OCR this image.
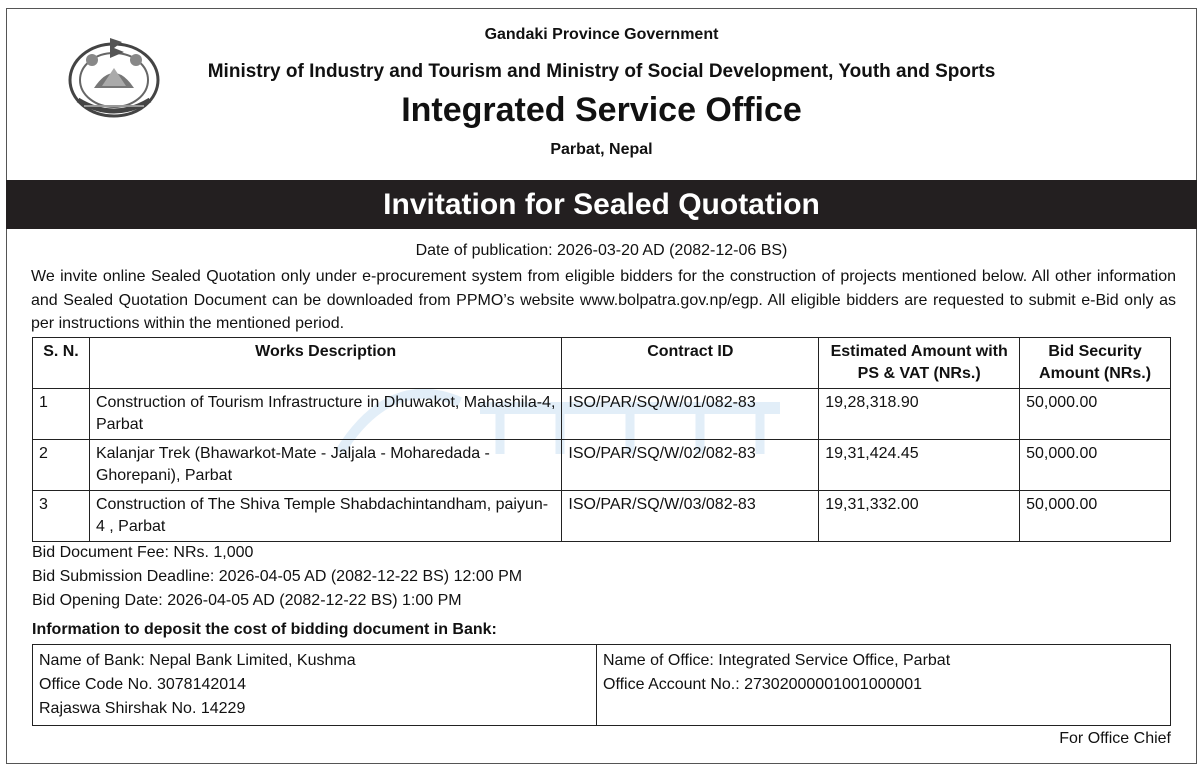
Gandaki Province Government
Ministry of Industry and Tourism and Ministry of Social Development, Youth and Sports
Integrated Service Office
Parbat, Nepal
Invitation for Sealed Quotation
Date of publication: 2026-03-20 AD (2082-12-06 BS)
We invite online Sealed Quotation only under e-procurement system from eligible bidders for the construction of projects mentioned below. All other information and Sealed Quotation Document can be downloaded from PPMO’s website www.bolpatra.gov.np/egp. All eligible bidders are requested to submit e-Bid only as per instructions within the mentioned period.
S. N.	Works Description	Contract ID	Estimated Amount with PS & VAT (NRs.)	Bid Security Amount (NRs.)
1	Construction of Tourism Infrastructure in Dhuwakot, Mahashila-4, Parbat	ISO/PAR/SQ/W/01/082-83	19,28,318.90	50,000.00
2	Kalanjar Trek (Bhawarkot-Mate - Jaljala - Moharedada - Ghorepani), Parbat	ISO/PAR/SQ/W/02/082-83	19,31,424.45	50,000.00
3	Construction of The Shiva Temple Shabdachintandham, paiyun-4 , Parbat	ISO/PAR/SQ/W/03/082-83	19,31,332.00	50,000.00
Bid Document Fee: NRs. 1,000
Bid Submission Deadline: 2026-04-05 AD (2082-12-22 BS) 12:00 PM
Bid Opening Date: 2026-04-05 AD (2082-12-22 BS) 1:00 PM
Information to deposit the cost of bidding document in Bank:
Name of Bank: Nepal Bank Limited, Kushma
Office Code No. 3078142014
Rajaswa Shirshak No. 14229

Name of Office: Integrated Service Office, Parbat
Office Account No.: 27302000001001000001
For Office Chief
